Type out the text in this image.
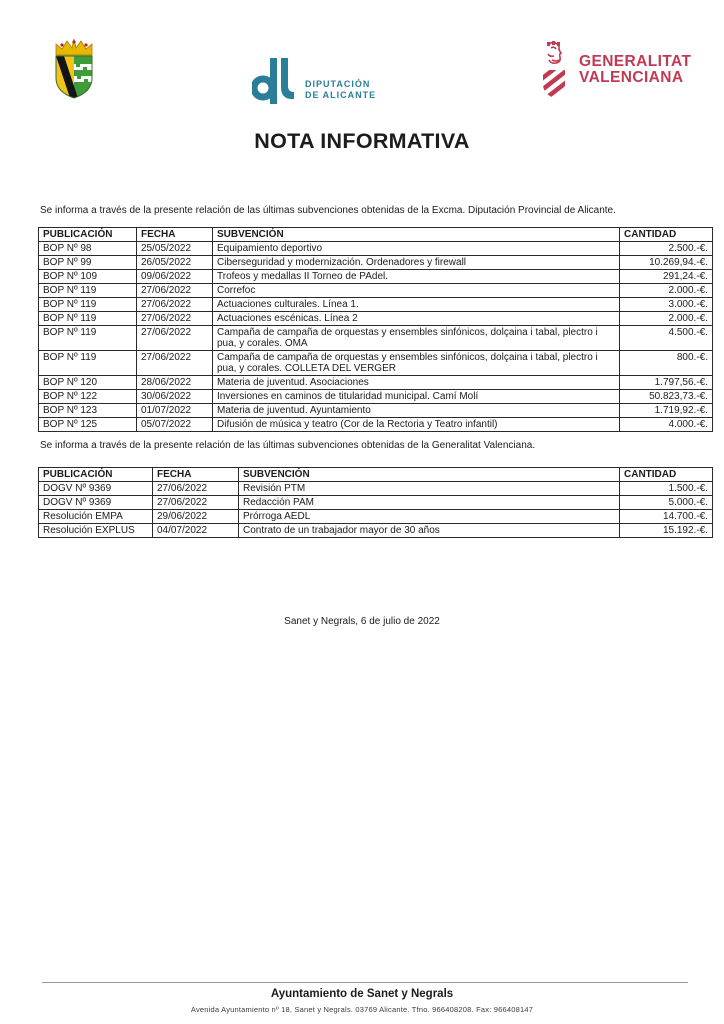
DIPUTACIÓN
DE ALICANTE
GENERALITAT
VALENCIANA
NOTA INFORMATIVA
Se informa a través de la presente relación de las últimas subvenciones obtenidas de la Excma. Diputación Provincial de Alicante.
PUBLICACIÓN	FECHA	SUBVENCIÓN	CANTIDAD
BOP Nº 98	25/05/2022	Equipamiento deportivo	2.500.-€.
BOP Nº 99	26/05/2022	Ciberseguridad y modernización. Ordenadores y firewall	10.269,94.-€.
BOP Nº 109	09/06/2022	Trofeos y medallas II Torneo de PAdel.	291,24.-€.
BOP Nº 119	27/06/2022	Correfoc	2.000.-€.
BOP Nº 119	27/06/2022	Actuaciones culturales. Línea 1.	3.000.-€.
BOP Nº 119	27/06/2022	Actuaciones escénicas. Línea 2	2.000.-€.
BOP Nº 119	27/06/2022	Campaña de campaña de orquestas y ensembles sinfónicos, dolçaina i tabal, plectro i pua, y corales. OMA	4.500.-€.
BOP Nº 119	27/06/2022	Campaña de campaña de orquestas y ensembles sinfónicos, dolçaina i tabal, plectro i pua, y corales. COLLETA DEL VERGER	800.-€.
BOP Nº 120	28/06/2022	Materia de juventud. Asociaciones	1.797,56.-€.
BOP Nº 122	30/06/2022	Inversiones en caminos de titularidad municipal. Camí Molí	50.823,73.-€.
BOP Nº 123	01/07/2022	Materia de juventud. Ayuntamiento	1.719,92.-€.
BOP Nº 125	05/07/2022	Difusión de música y teatro (Cor de la Rectoria y Teatro infantil)	4.000.-€.
Se informa a través de la presente relación de las últimas subvenciones obtenidas de la Generalitat Valenciana.
PUBLICACIÓN	FECHA	SUBVENCIÓN	CANTIDAD
DOGV Nº 9369	27/06/2022	Revisión PTM	1.500.-€.
DOGV Nº 9369	27/06/2022	Redacción PAM	5.000.-€.
Resolución EMPA	29/06/2022	Prórroga AEDL	14.700.-€.
Resolución EXPLUS	04/07/2022	Contrato de un trabajador mayor de 30 años	15.192.-€.
Sanet y Negrals, 6 de julio de 2022
Ayuntamiento de Sanet y Negrals
Avenida Ayuntamiento nº 18, Sanet y Negrals. 03769 Alicante. Tfno. 966408208. Fax: 966408147
